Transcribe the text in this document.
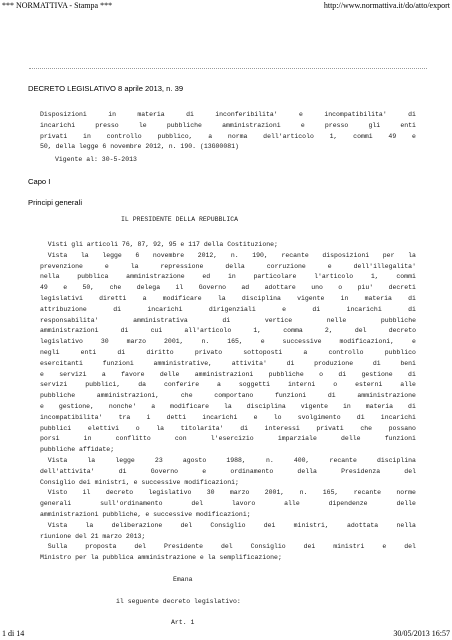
*** NORMATTIVA - Stampa ***	http://www.normattiva.it/do/atto/export
DECRETO LEGISLATIVO 8 aprile 2013, n. 39
Disposizioni	in	materia	di	inconferibilita'	e	incompatibilita'	di
incarichi	presso	le	pubbliche	amministrazioni	e	presso	gli	enti
privati in controllo pubblico, a norma dell'articolo 1, commi 49 e
50, della legge 6 novembre 2012, n. 190. (13G00081)
Vigente al: 30-5-2013
Capo I
Principi generali
IL PRESIDENTE DELLA REPUBBLICA
Visti gli articoli 76, 87, 92, 95 e 117 della Costituzione;
Vista la legge 6 novembre 2012, n. 190, recante disposizioni per la
prevenzione	e	la	repressione	della	corruzione	e	dell'illegalita'
nella	pubblica	amministrazione	ed	in	particolare	l'articolo	1,	commi
49 e 50, che delega il Governo ad adottare uno o piu' decreti
legislativi diretti a modificare la disciplina vigente in materia di
attribuzione	di	incarichi	dirigenziali	e	di	incarichi	di
responsabilita'	amministrativa	di	vertice	nelle	pubbliche
amministrazioni	di	cui	all'articolo	1,	comma	2,	del	decreto
legislativo	30	marzo	2001,	n.	165,	e	successive	modificazioni,	e
negli	enti	di	diritto	privato	sottoposti	a	controllo	pubblico
esercitanti	funzioni	amministrative,	attivita'	di	produzione	di	beni
e servizi a favore delle amministrazioni pubbliche o di gestione di
servizi	pubblici,	da	conferire	a	soggetti	interni	o	esterni	alle
pubbliche	amministrazioni,	che	comportano	funzioni	di	amministrazione
e gestione, nonche' a modificare la disciplina vigente in materia di
incompatibilita' tra i detti incarichi e lo svolgimento di incarichi
pubblici	elettivi	o	la	titolarita'	di	interessi	privati	che	possano
porsi	in	conflitto	con	l'esercizio	imparziale	delle	funzioni
pubbliche affidate;
Vista	la	legge	23	agosto	1988,	n.	400,	recante	disciplina
dell'attivita'	di	Governo	e	ordinamento	della	Presidenza	del
Consiglio dei ministri, e successive modificazioni;
Visto il decreto legislativo 30 marzo 2001, n. 165, recante norme
generali	sull'ordinamento	del	lavoro	alle	dipendenze	delle
amministrazioni pubbliche, e successive modificazioni;
Vista	la	deliberazione	del	Consiglio	dei	ministri,	adottata	nella
riunione del 21 marzo 2013;
Sulla	proposta	del	Presidente	del	Consiglio	dei	ministri	e	del
Ministro per la pubblica amministrazione e la semplificazione;
Emana
il seguente decreto legislativo:
Art. 1
1 di 14	30/05/2013 16:57
